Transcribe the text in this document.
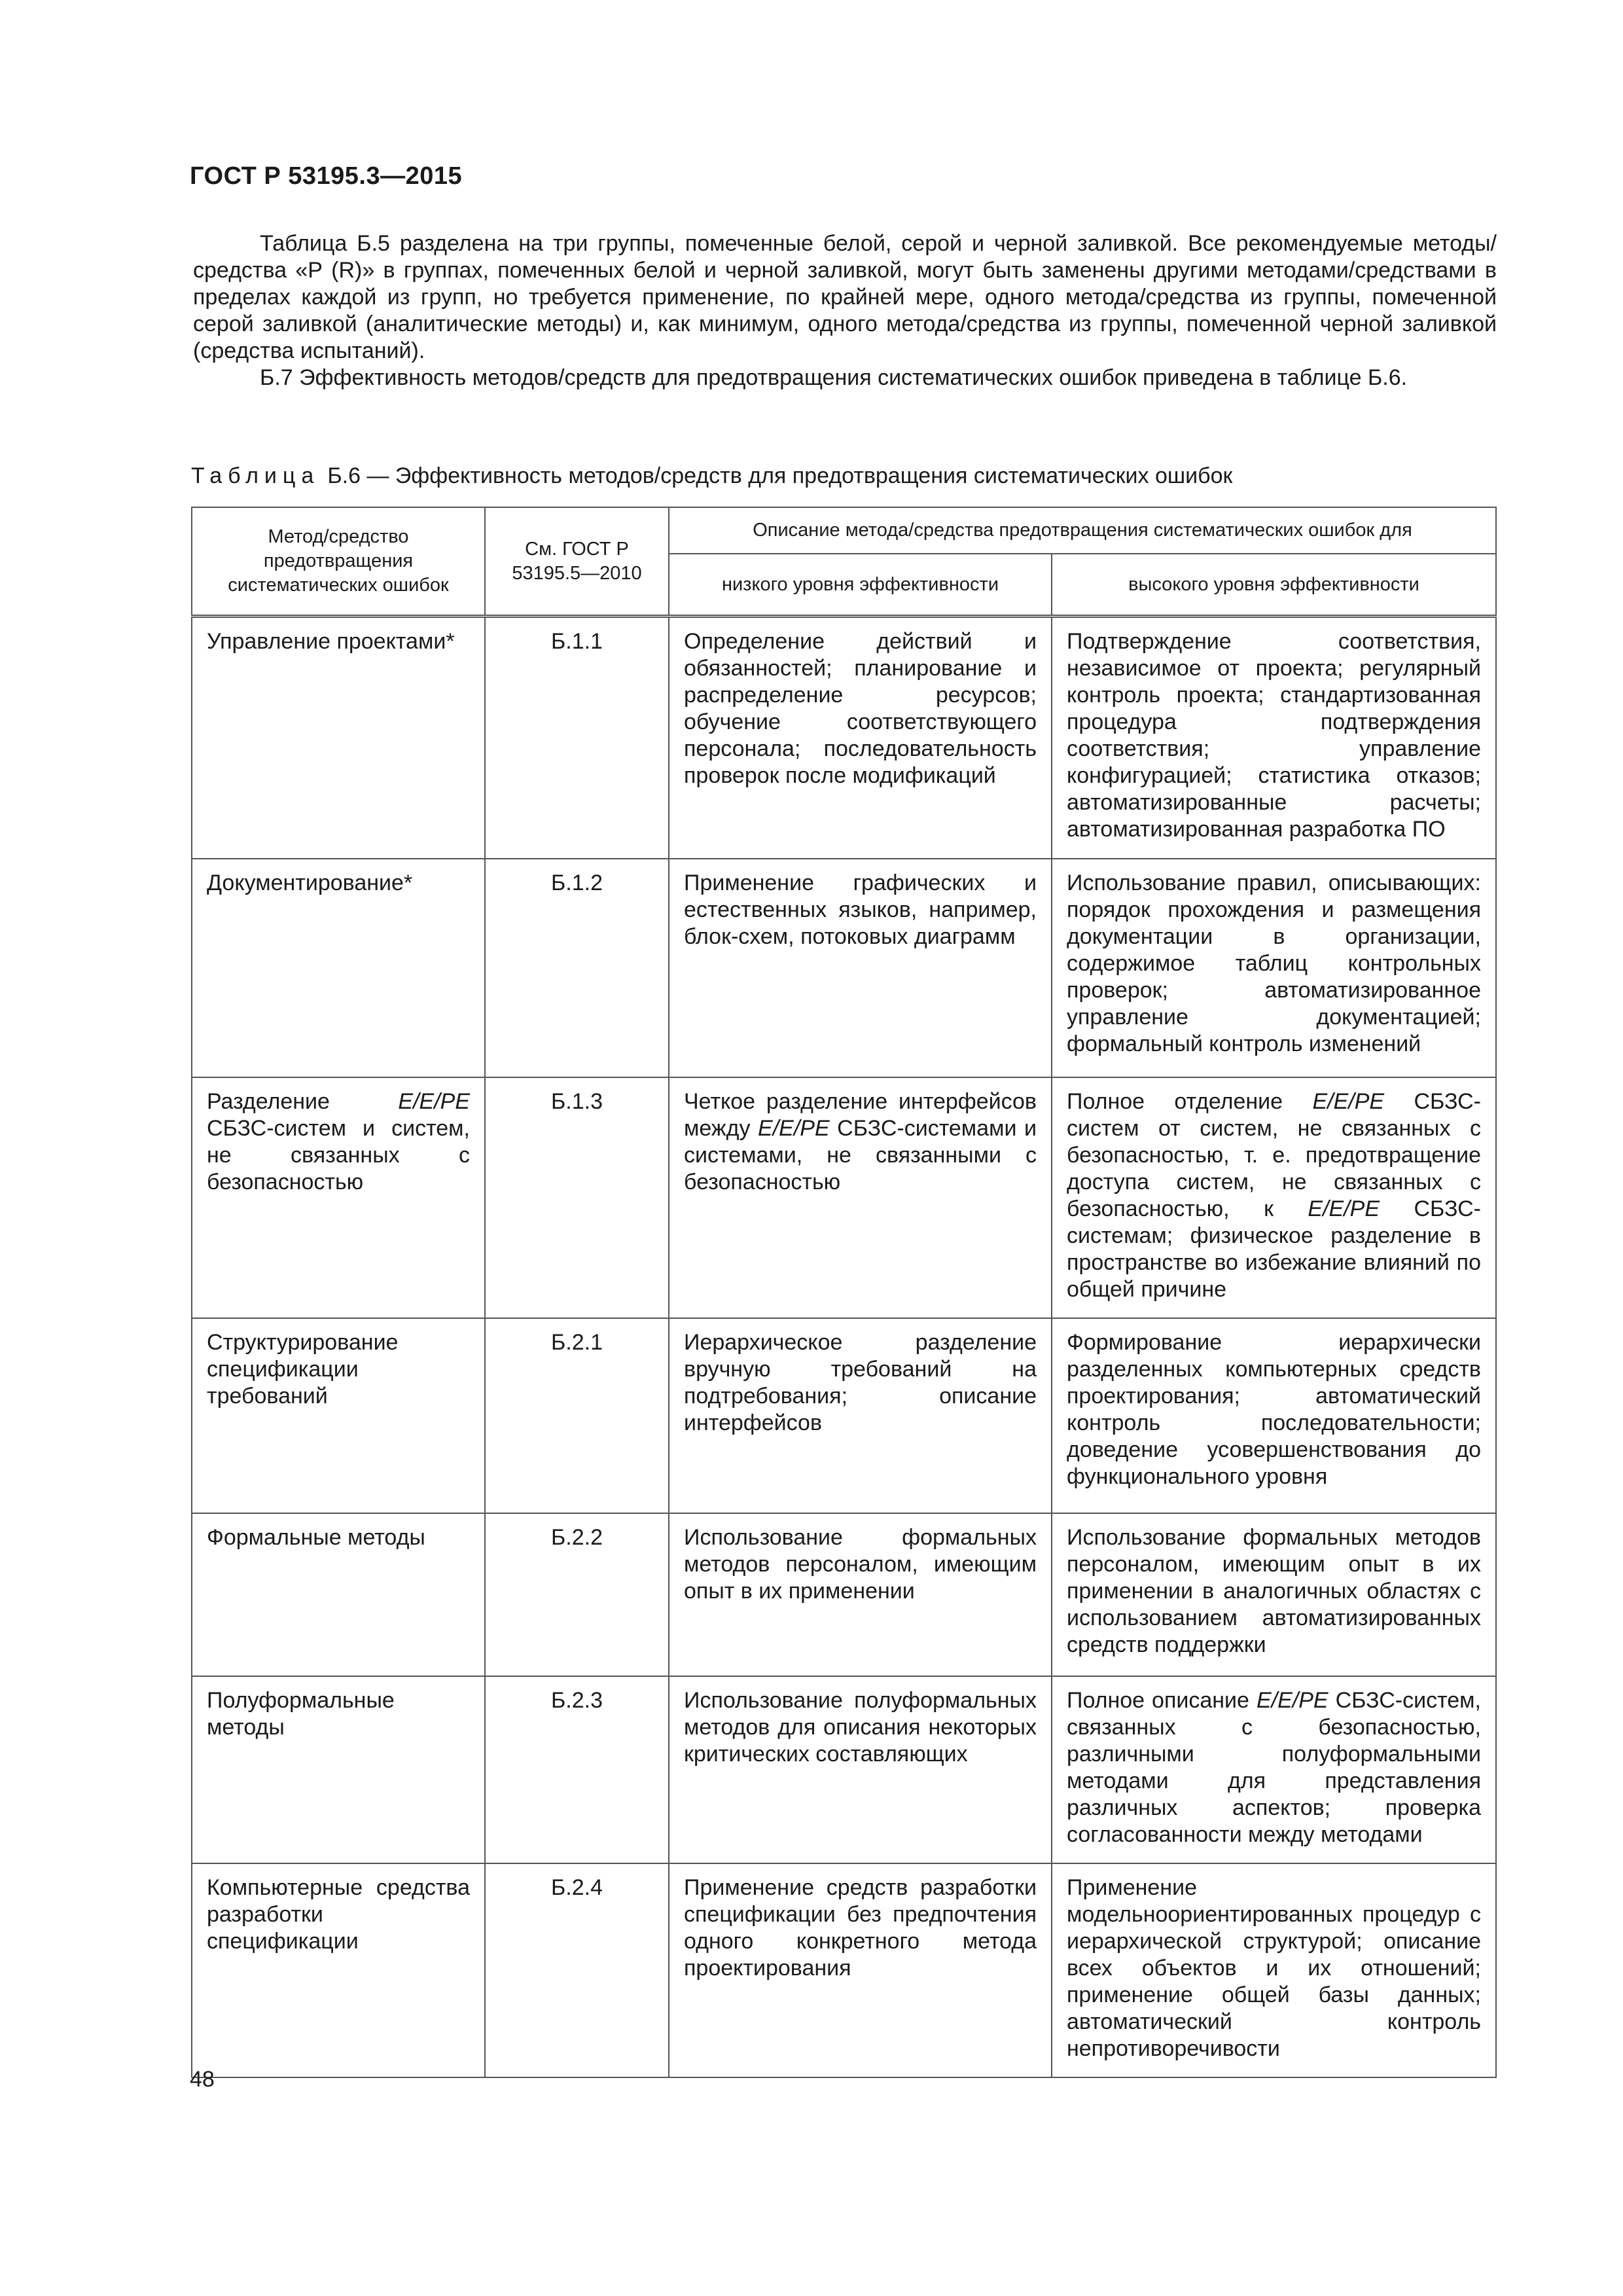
ГОСТ Р 53195.3—2015

Таблица Б.5 разделена на три группы, помеченные белой, серой и черной заливкой. Все рекомендуемые методы/средства «Р (R)» в группах, помеченных белой и черной заливкой, могут быть заменены другими методами/средствами в пределах каждой из групп, но требуется применение, по крайней мере, одного метода/средства из группы, помеченной серой заливкой (аналитические методы) и, как минимум, одного метода/средства из группы, помеченной черной заливкой (средства испытаний).

Б.7 Эффективность методов/средств для предотвращения систематических ошибок приведена в таблице Б.6.

Таблица Б.6 — Эффективность методов/средств для предотвращения систематических ошибок
Метод/средство предотвращения систематических ошибок	См. ГОСТ Р 53195.5—2010	Описание метода/средства предотвращения систематических ошибок для	
		низкого уровня эффективности	высокого уровня эффективности
Управление проектами*	Б.1.1	Определение действий и обязанностей; планирование и распределение ресурсов; обучение соответствующего персонала; последовательность проверок после модификаций	Подтверждение соответствия, независимое от проекта; регулярный контроль проекта; стандартизованная процедура подтверждения соответствия; управление конфигурацией; статистика отказов; автоматизированные расчеты; автоматизированная разработка ПО
Документирование*	Б.1.2	Применение графических и естественных языков, например, блок-схем, потоковых диаграмм	Использование правил, описывающих: порядок прохождения и размещения документации в организации, содержимое таблиц контрольных проверок; автоматизированное управление документацией; формальный контроль изменений
Разделение E/E/PE СБЗС-систем и систем, не связанных с безопасностью	Б.1.3	Четкое разделение интерфейсов между E/E/PE СБЗС-системами и системами, не связанными с безопасностью	Полное отделение E/E/PE СБЗС-систем от систем, не связанных с безопасностью, т. е. предотвращение доступа систем, не связанных с безопасностью, к E/E/PE СБЗС-системам; физическое разделение в пространстве во избежание влияний по общей причине
Структурирование спецификации требований	Б.2.1	Иерархическое разделение вручную требований на подтребования; описание интерфейсов	Формирование иерархически разделенных компьютерных средств проектирования; автоматический контроль последовательности; доведение усовершенствования до функционального уровня
Формальные методы	Б.2.2	Использование формальных методов персоналом, имеющим опыт в их применении	Использование формальных методов персоналом, имеющим опыт в их применении в аналогичных областях с использованием автоматизированных средств поддержки
Полуформальные методы	Б.2.3	Использование полуформальных методов для описания некоторых критических составляющих	Полное описание E/E/PE СБЗС-систем, связанных с безопасностью, различными полуформальными методами для представления различных аспектов; проверка согласованности между методами
Компьютерные средства разработки спецификации	Б.2.4	Применение средств разработки спецификации без предпочтения одного конкретного метода проектирования	Применение модельноориентированных процедур с иерархической структурой; описание всех объектов и их отношений; применение общей базы данных; автоматический контроль непротиворечивости
48
